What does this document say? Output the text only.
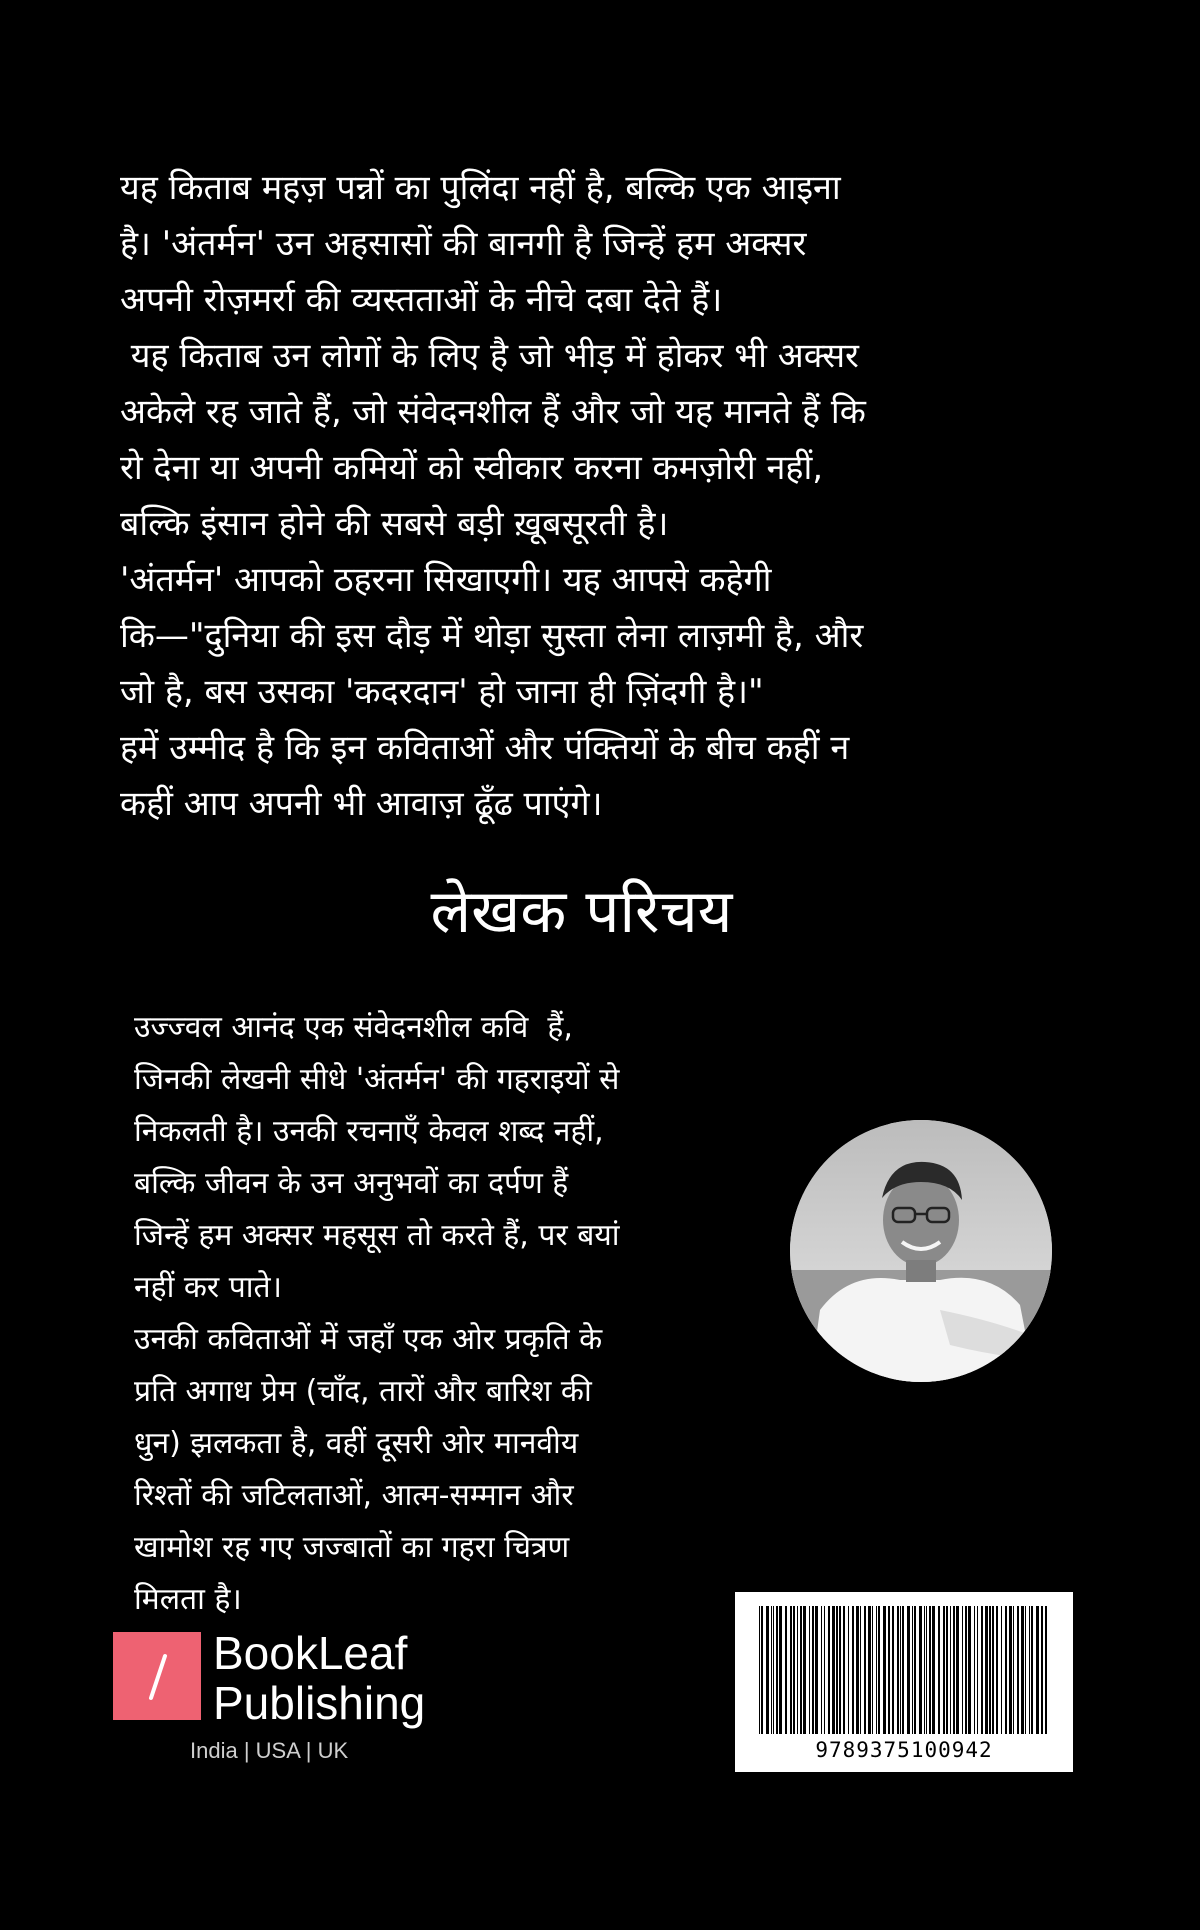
यह किताब महज़ पन्नों का पुलिंदा नहीं है, बल्कि एक आइना

है। 'अंतर्मन' उन अहसासों की बानगी है जिन्हें हम अक्सर

अपनी रोज़मर्रा की व्यस्तताओं के नीचे दबा देते हैं।

यह किताब उन लोगों के लिए है जो भीड़ में होकर भी अक्सर

अकेले रह जाते हैं, जो संवेदनशील हैं और जो यह मानते हैं कि

रो देना या अपनी कमियों को स्वीकार करना कमज़ोरी नहीं,

बल्कि इंसान होने की सबसे बड़ी ख़ूबसूरती है।

'अंतर्मन' आपको ठहरना सिखाएगी। यह आपसे कहेगी

कि—"दुनिया की इस दौड़ में थोड़ा सुस्ता लेना लाज़मी है, और

जो है, बस उसका 'कदरदान' हो जाना ही ज़िंदगी है।"

हमें उम्मीद है कि इन कविताओं और पंक्तियों के बीच कहीं न

कहीं आप अपनी भी आवाज़ ढूँढ पाएंगे।

लेखक परिचय

उज्ज्वल आनंद एक संवेदनशील कवि  हैं,

जिनकी लेखनी सीधे 'अंतर्मन' की गहराइयों से

निकलती है। उनकी रचनाएँ केवल शब्द नहीं,

बल्कि जीवन के उन अनुभवों का दर्पण हैं

जिन्हें हम अक्सर महसूस तो करते हैं, पर बयां

नहीं कर पाते।

उनकी कविताओं में जहाँ एक ओर प्रकृति के

प्रति अगाध प्रेम (चाँद, तारों और बारिश की

धुन) झलकता है, वहीं दूसरी ओर मानवीय

रिश्तों की जटिलताओं, आत्म-सम्मान और

खामोश रह गए जज्बातों का गहरा चित्रण

मिलता है।

BookLeaf
Publishing
India | USA | UK	9789375100942
